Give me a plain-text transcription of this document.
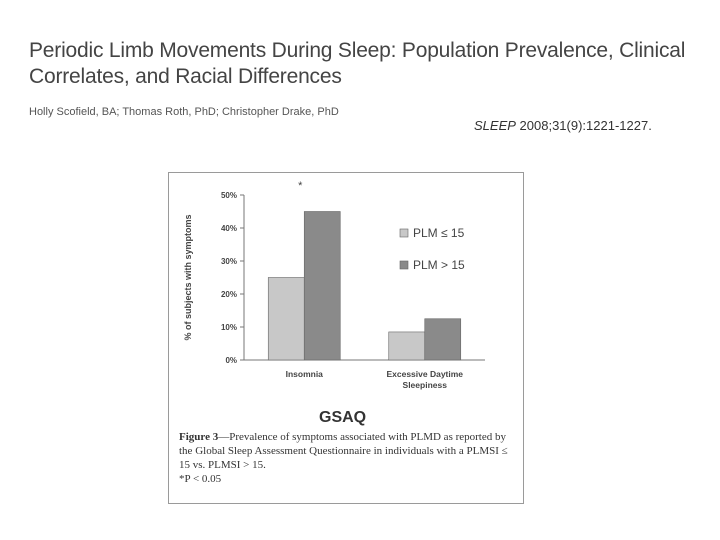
Periodic Limb Movements During Sleep: Population Prevalence, Clinical Correlates, and Racial Differences
Holly Scofield, BA; Thomas Roth, PhD; Christopher Drake, PhD
SLEEP 2008;31(9):1221-1227.
0%
10%
20%
30%
40%
50%
% of subjects with symptoms
Insomnia	Excessive Daytime
Sleepiness
*
PLM ≤ 15
PLM > 15
GSAQ
Figure 3—Prevalence of symptoms associated with PLMD as reported by the Global Sleep Assessment Questionnaire in individuals with a PLMSI ≤ 15 vs. PLMSI > 15.
*P < 0.05
